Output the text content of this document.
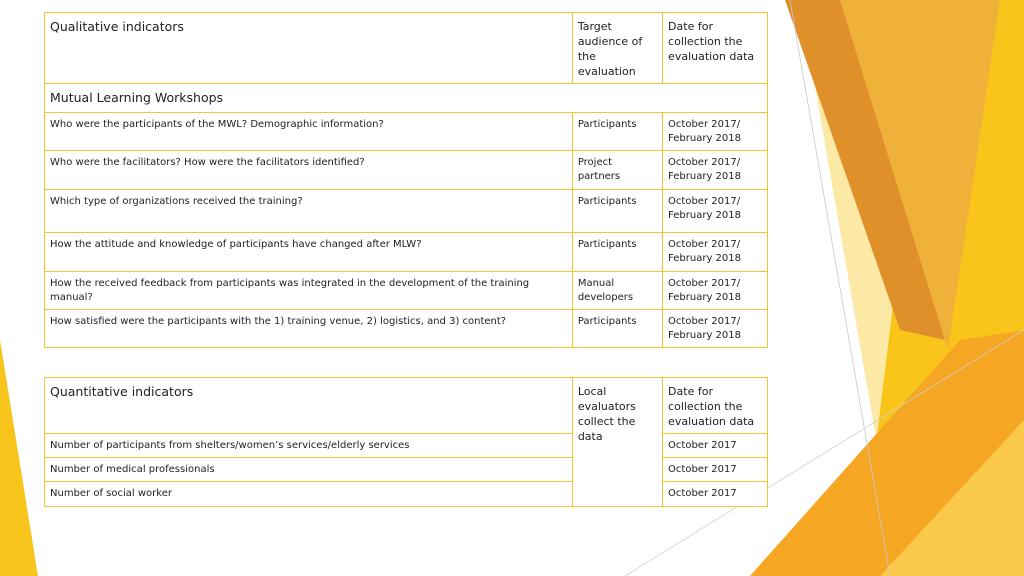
Qualitative indicators	Target audience of the evaluation	Date for collection the evaluation data
Mutual Learning Workshops		
Who were the participants of the MWL? Demographic information?	Participants	October 2017/ February 2018
Who were the facilitators? How were the facilitators identified?	Project partners	October 2017/ February 2018
Which type of organizations received the training?	Participants	October 2017/ February 2018
How the attitude and knowledge of participants have changed after MLW?	Participants	October 2017/ February 2018
How the received feedback from participants was integrated in the development of the training manual?	Manual developers	October 2017/ February 2018
How satisfied were the participants with the 1) training venue, 2) logistics, and 3) content?	Participants	October 2017/ February 2018
Quantitative indicators	Local evaluators collect the data	Date for collection the evaluation data
Number of participants from shelters/women’s services/elderly services		October 2017
Number of medical professionals		October 2017
Number of social worker		October 2017
